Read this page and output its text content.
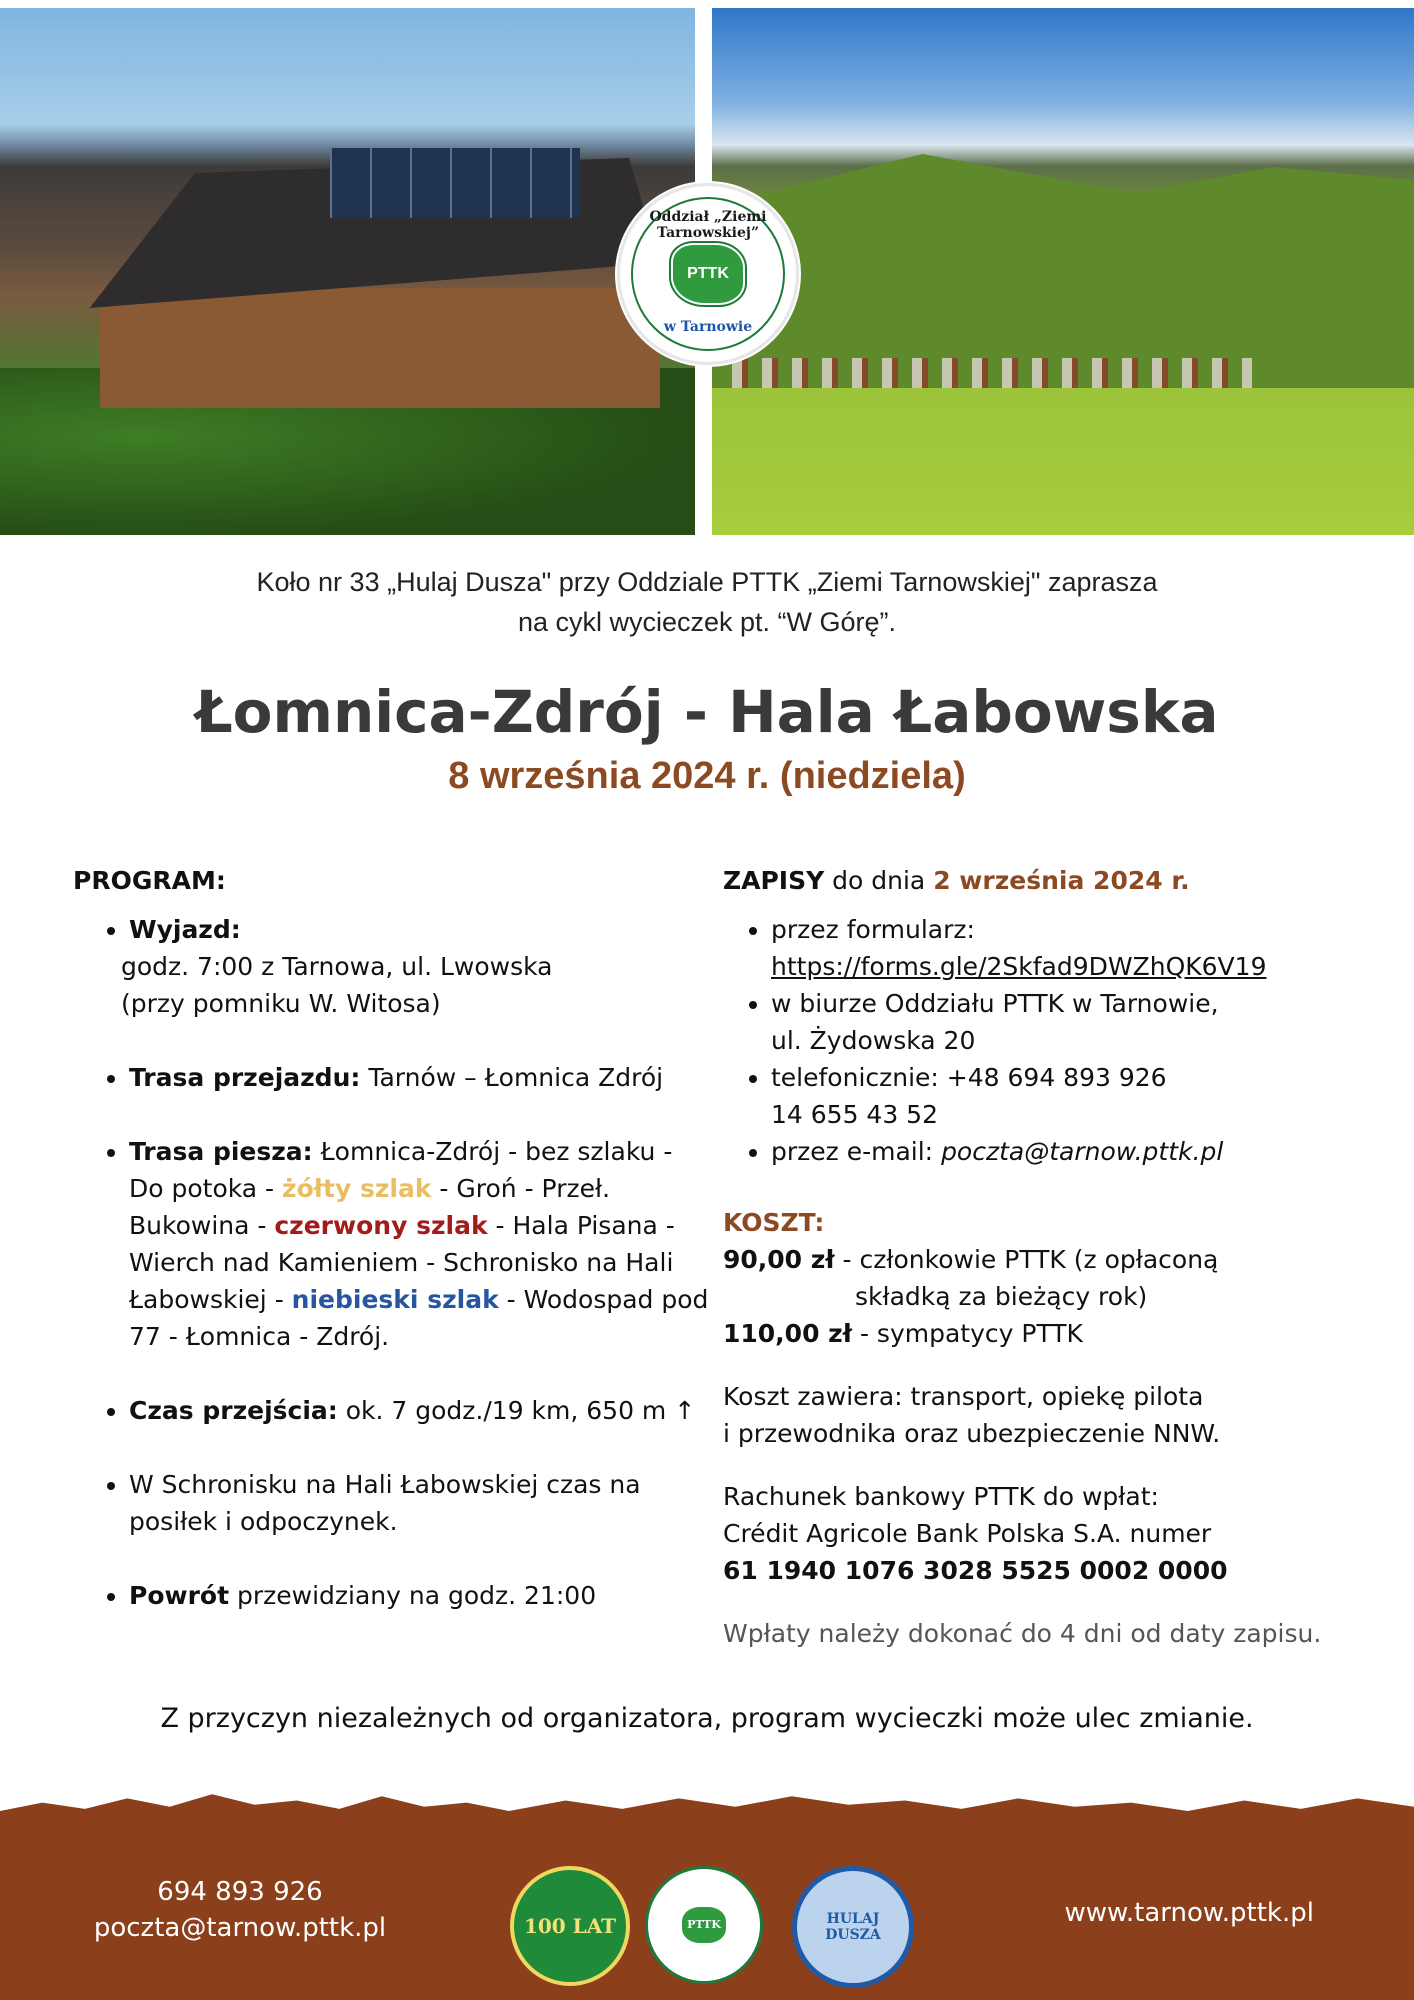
Oddział „Ziemi Tarnowskiej”
PTTK
w Tarnowie
Koło nr 33 „Hulaj Dusza" przy Oddziale PTTK „Ziemi Tarnowskiej" zaprasza
na cykl wycieczek pt. “W Górę”.
Łomnica-Zdrój - Hala Łabowska
8 września 2024 r. (niedziela)

PROGRAM:

• Wyjazd:

godz. 7:00 z Tarnowa, ul. Lwowska
(przy pomniku W. Witosa)
• Trasa przejazdu: Tarnów – Łomnica Zdrój
• Trasa piesza: Łomnica-Zdrój - bez szlaku - Do potoka - żółty szlak - Groń - Przeł. Bukowina - czerwony szlak - Hala Pisana - Wierch nad Kamieniem - Schronisko na Hali Łabowskiej - niebieski szlak - Wodospad pod 77 - Łomnica - Zdrój.
• Czas przejścia: ok. 7 godz./19 km, 650 m ↑
• W Schronisku na Hali Łabowskiej czas na posiłek i odpoczynek.
• Powrót przewidziany na godz. 21:00

ZAPISY do dnia 2 września 2024 r.

• przez formularz:
https://forms.gle/2Skfad9DWZhQK6V19
• w biurze Oddziału PTTK w Tarnowie,
ul. Żydowska 20
• telefonicznie: +48 694 893 926
14 655 43 52
• przez e-mail: poczta@tarnow.pttk.pl

KOSZT:

90,00 zł - członkowie PTTK (z opłaconą
składką za bieżący rok)
110,00 zł - sympatycy PTTK
Koszt zawiera: transport, opiekę pilota
i przewodnika oraz ubezpieczenie NNW.
Rachunek bankowy PTTK do wpłat:
Crédit Agricole Bank Polska S.A. numer
61 1940 1076 3028 5525 0002 0000
Wpłaty należy dokonać do 4 dni od daty zapisu.
Z przyczyn niezależnych od organizatora, program wycieczki może ulec zmianie.
694 893 926
poczta@tarnow.pttk.pl	100 LAT	PTTK	HULAJ DUSZA
www.tarnow.pttk.pl
